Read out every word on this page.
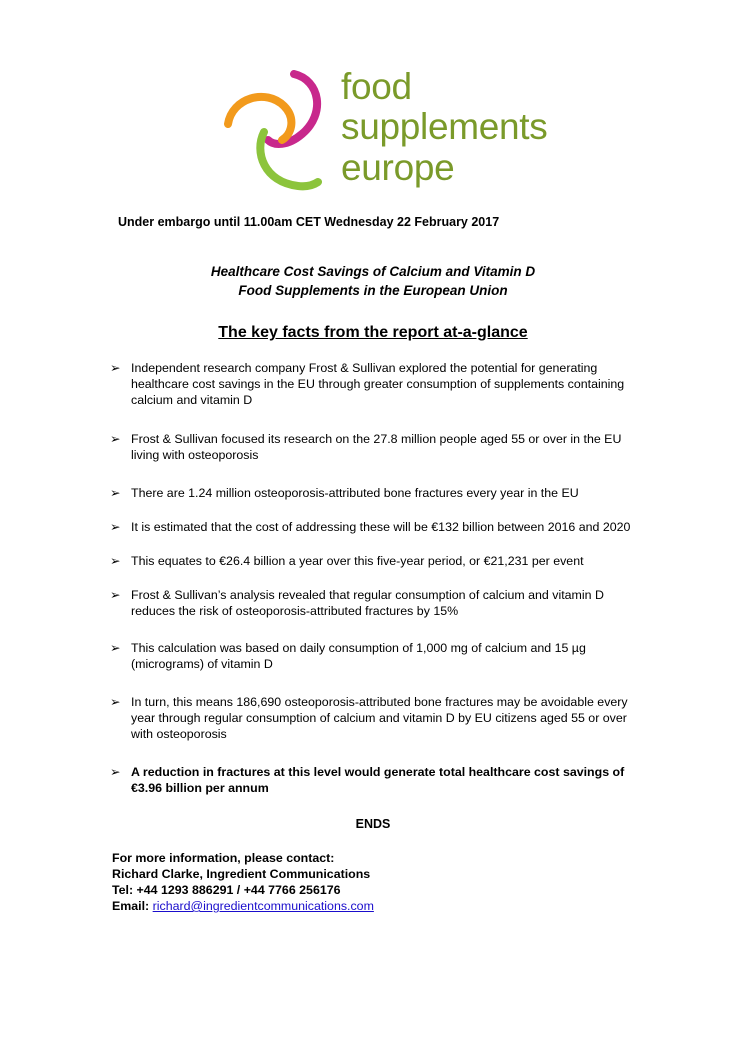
food
supplements
europe
Under embargo until 11.00am CET Wednesday 22 February 2017
Healthcare Cost Savings of Calcium and Vitamin D
Food Supplements in the European Union
The key facts from the report at-a-glance
➢ Independent research company Frost & Sullivan explored the potential for generating healthcare cost savings in the EU through greater consumption of supplements containing calcium and vitamin D
➢ Frost & Sullivan focused its research on the 27.8 million people aged 55 or over in the EU living with osteoporosis
➢ There are 1.24 million osteoporosis-attributed bone fractures every year in the EU
➢ It is estimated that the cost of addressing these will be €132 billion between 2016 and 2020
➢ This equates to €26.4 billion a year over this five-year period, or €21,231 per event
➢ Frost & Sullivan’s analysis revealed that regular consumption of calcium and vitamin D reduces the risk of osteoporosis-attributed fractures by 15%
➢ This calculation was based on daily consumption of 1,000 mg of calcium and 15 µg (micrograms) of vitamin D
➢ In turn, this means 186,690 osteoporosis-attributed bone fractures may be avoidable every year through regular consumption of calcium and vitamin D by EU citizens aged 55 or over with osteoporosis
➢ A reduction in fractures at this level would generate total healthcare cost savings of €3.96 billion per annum
ENDS
For more information, please contact:
Richard Clarke, Ingredient Communications
Tel: +44 1293 886291 / +44 7766 256176
Email: richard@ingredientcommunications.com
